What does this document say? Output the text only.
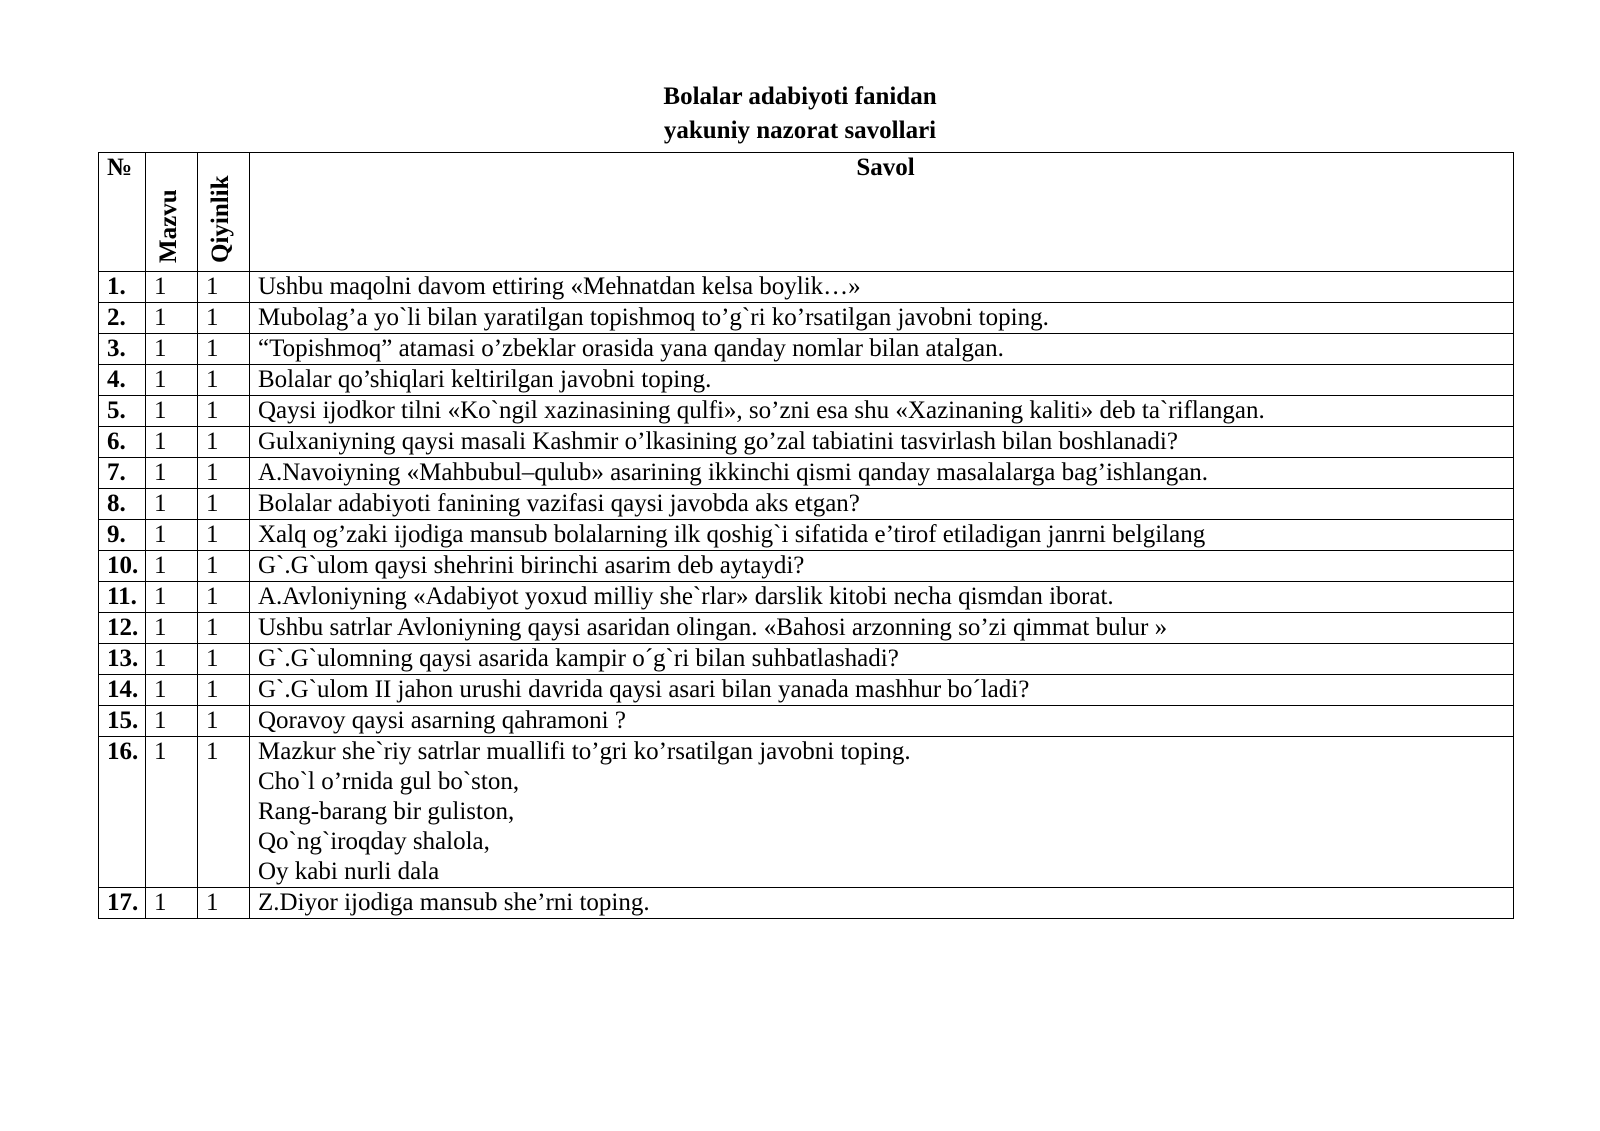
Bolalar adabiyoti fanidan
yakuniy nazorat savollari
№	Mazvu	Qiyinlik	Savol
1.	1	1	Ushbu maqolni davom ettiring «Mehnatdan kelsa boylik…»

2.	1	1	Mubolag’a yo`li bilan yaratilgan topishmoq to’g`ri ko’rsatilgan javobni toping.

3.	1	1	“Topishmoq” atamasi o’zbeklar orasida yana qanday nomlar bilan atalgan.

4.	1	1	Bolalar qo’shiqlari keltirilgan javobni toping.

5.	1	1	Qaysi ijodkor tilni «Ko`ngil xazinasining qulfi», so’zni esa shu «Xazinaning kaliti» deb ta`riflangan.

6.	1	1	Gulxaniyning qaysi masali Kashmir o’lkasining go’zal tabiatini tasvirlash bilan boshlanadi?

7.	1	1	A.Navoiyning «Mahbubul–qulub» asarining ikkinchi qismi qanday masalalarga bag’ishlangan.

8.	1	1	Bolalar adabiyoti fanining vazifasi qaysi javobda aks etgan?

9.	1	1	Xalq og’zaki ijodiga mansub bolalarning ilk qoshig`i sifatida e’tirof etiladigan janrni belgilang

10.	1	1	G`.G`ulom qaysi shehrini birinchi asarim deb aytaydi?

11.	1	1	A.Avloniyning «Adabiyot yoxud milliy she`rlar» darslik kitobi necha qismdan iborat.

12.	1	1	Ushbu satrlar Avloniyning qaysi asaridan olingan. «Bahosi arzonning so’zi qimmat bulur »

13.	1	1	G`.G`ulomning qaysi asarida kampir o´g`ri bilan suhbatlashadi?

14.	1	1	G`.G`ulom II jahon urushi davrida qaysi asari bilan yanada mashhur bo´ladi?

15.	1	1	Qoravoy qaysi asarning qahramoni ?

16.	1	1	Mazkur she`riy satrlar muallifi to’gri ko’rsatilgan javobni toping.
Cho`l o’rnida gul bo`ston,
Rang-barang bir guliston,
Qo`ng`iroqday shalola,
Oy kabi nurli dala

17.	1	1	Z.Diyor ijodiga mansub she’rni toping.
